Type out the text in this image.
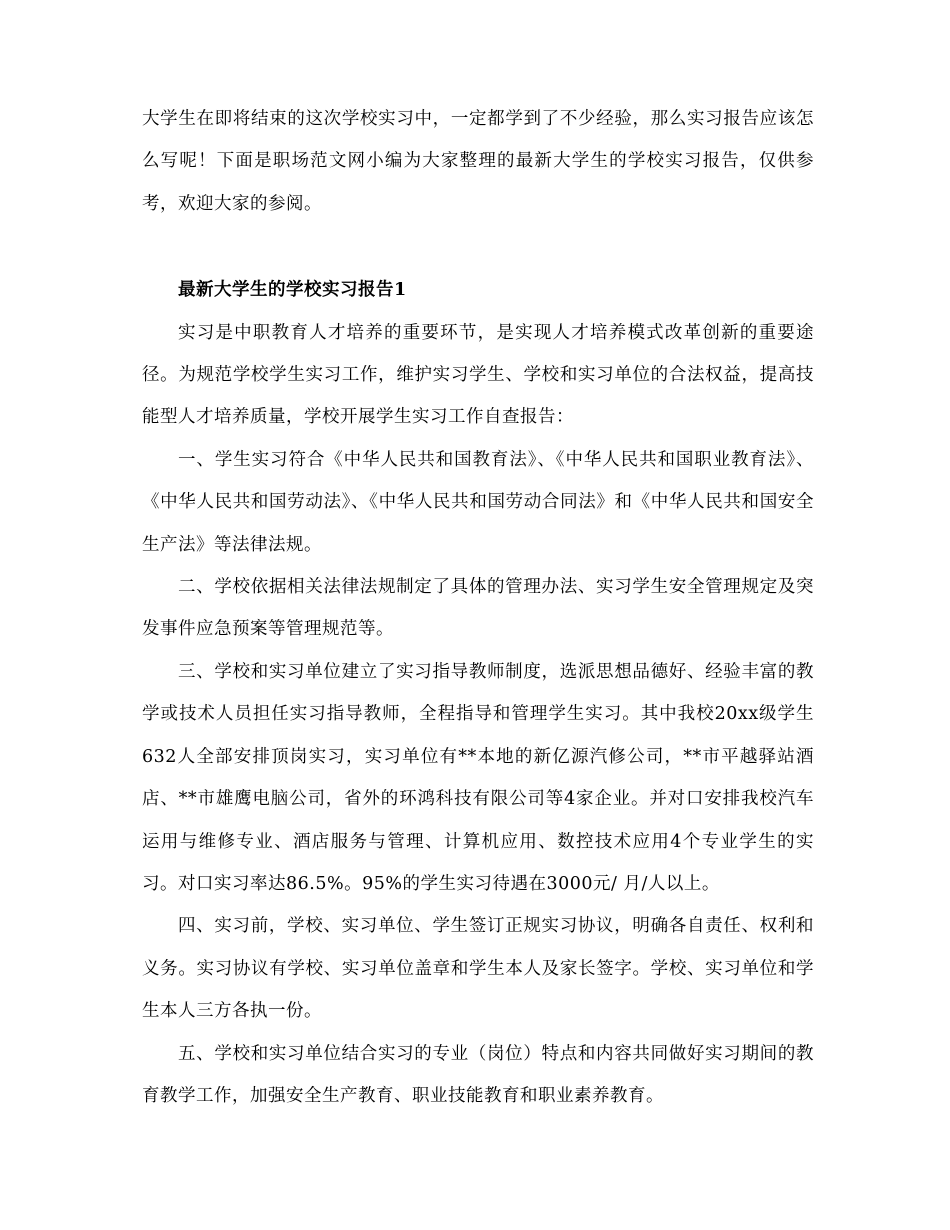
大学生在即将结束的这次学校实习中，一定都学到了不少经验，那么实习报告应该怎么写呢！下面是职场范文网小编为大家整理的最新大学生的学校实习报告，仅供参考，欢迎大家的参阅。

最新大学生的学校实习报告1

实习是中职教育人才培养的重要环节，是实现人才培养模式改革创新的重要途径。为规范学校学生实习工作，维护实习学生、学校和实习单位的合法权益，提高技能型人才培养质量，学校开展学生实习工作自查报告：

一、学生实习符合《中华人民共和国教育法》、《中华人民共和国职业教育法》、《中华人民共和国劳动法》、《中华人民共和国劳动合同法》和《中华人民共和国安全生产法》等法律法规。

二、学校依据相关法律法规制定了具体的管理办法、实习学生安全管理规定及突发事件应急预案等管理规范等。

三、学校和实习单位建立了实习指导教师制度，选派思想品德好、经验丰富的教学或技术人员担任实习指导教师，全程指导和管理学生实习。其中我校20xx级学生632人全部安排顶岗实习，实习单位有**本地的新亿源汽修公司，**市平越驿站酒店、**市雄鹰电脑公司，省外的环鸿科技有限公司等4家企业。并对口安排我校汽车运用与维修专业、酒店服务与管理、计算机应用、数控技术应用4个专业学生的实习。对口实习率达86.5%。95%的学生实习待遇在3000元/ 月/人以上。

四、实习前，学校、实习单位、学生签订正规实习协议，明确各自责任、权利和义务。实习协议有学校、实习单位盖章和学生本人及家长签字。学校、实习单位和学生本人三方各执一份。

五、学校和实习单位结合实习的专业（岗位）特点和内容共同做好实习期间的教育教学工作，加强安全生产教育、职业技能教育和职业素养教育。
